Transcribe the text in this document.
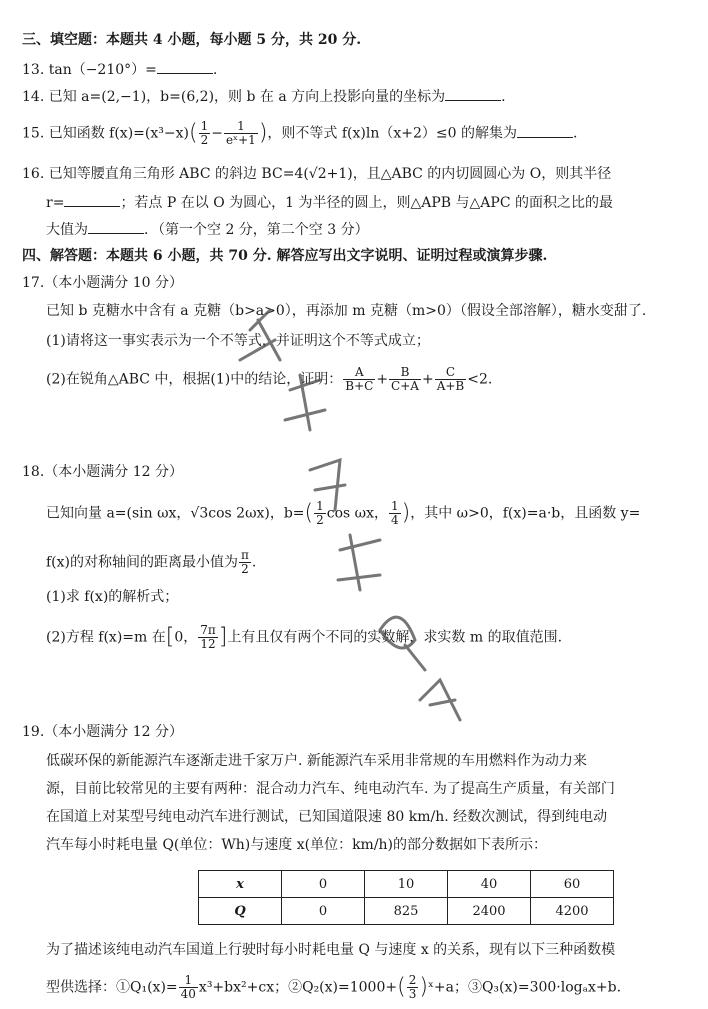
三、填空题：本题共 4 小题，每小题 5 分，共 20 分.
13. tan（−210°）=	.
14. 已知 a=(2,−1)，b=(6,2)，则 b 在 a 方向上投影向量的坐标为	.
15. 已知函数 $f(x)=(x^3-x)( \frac{1}{2} - \frac{1}{\text{eˣ+1}}$ )，则不等式 f(x)ln（x+2）≤0 的解集为	.
16. 已知等腰直角三角形 ABC 的斜边 BC=4(√2+1)，且△ABC 的内切圆圆心为 O，则其半径
r=	；若点 P 在以 O 为圆心，1 为半径的圆上，则△APB 与△APC 的面积之比的最
大值为	．（第一个空 2 分，第二个空 3 分）
四、解答题：本题共 6 小题，共 70 分. 解答应写出文字说明、证明过程或演算步骤.
17.（本小题满分 10 分）
已知 b 克糖水中含有 a 克糖（b>a>0），再添加 m 克糖（m>0）（假设全部溶解），糖水变甜了.
(1)请将这一事实表示为一个不等式，并证明这个不等式成立；
(2)在锐角△ABC 中，根据(1)中的结论，证明： $\frac{A}{B+C} + \frac{B}{C+A} + \frac{C}{A+B} <2$.
18.（本小题满分 12 分）
已知向量 a=(sin ωx，√3cos 2ωx)，$b=( \frac{1}{2}$ cos ωx， $\frac{1}{4}$ )，其中 ω>0，f(x)=a·b，且函数 y=
f(x)的对称轴间的距离最小值为 $\frac{\pi}{2}$ .
(1)求 f(x)的解析式；
(2)方程 f(x)=m 在[0， $\frac{7\pi}{12}$ ]上有且仅有两个不同的实数解，求实数 m 的取值范围.
19.（本小题满分 12 分）
低碳环保的新能源汽车逐渐走进千家万户. 新能源汽车采用非常规的车用燃料作为动力来
源，目前比较常见的主要有两种：混合动力汽车、纯电动汽车. 为了提高生产质量，有关部门
在国道上对某型号纯电动汽车进行测试，已知国道限速 80 km/h. 经数次测试，得到纯电动
汽车每小时耗电量 Q(单位：Wh)与速度 x(单位：km/h)的部分数据如下表所示：
x	0	10	40	60
Q	0	825	2400	4200
为了描述该纯电动汽车国道上行驶时每小时耗电量 Q 与速度 x 的关系，现有以下三种函数模
型供选择：①Q₁(x)= $\frac{1}{40} x^3+bx^2+cx$；②Q₂(x)=1000+( $\frac{2}{3}$ )ˣ+a；③Q₃(x)=300·logₐx+b.
